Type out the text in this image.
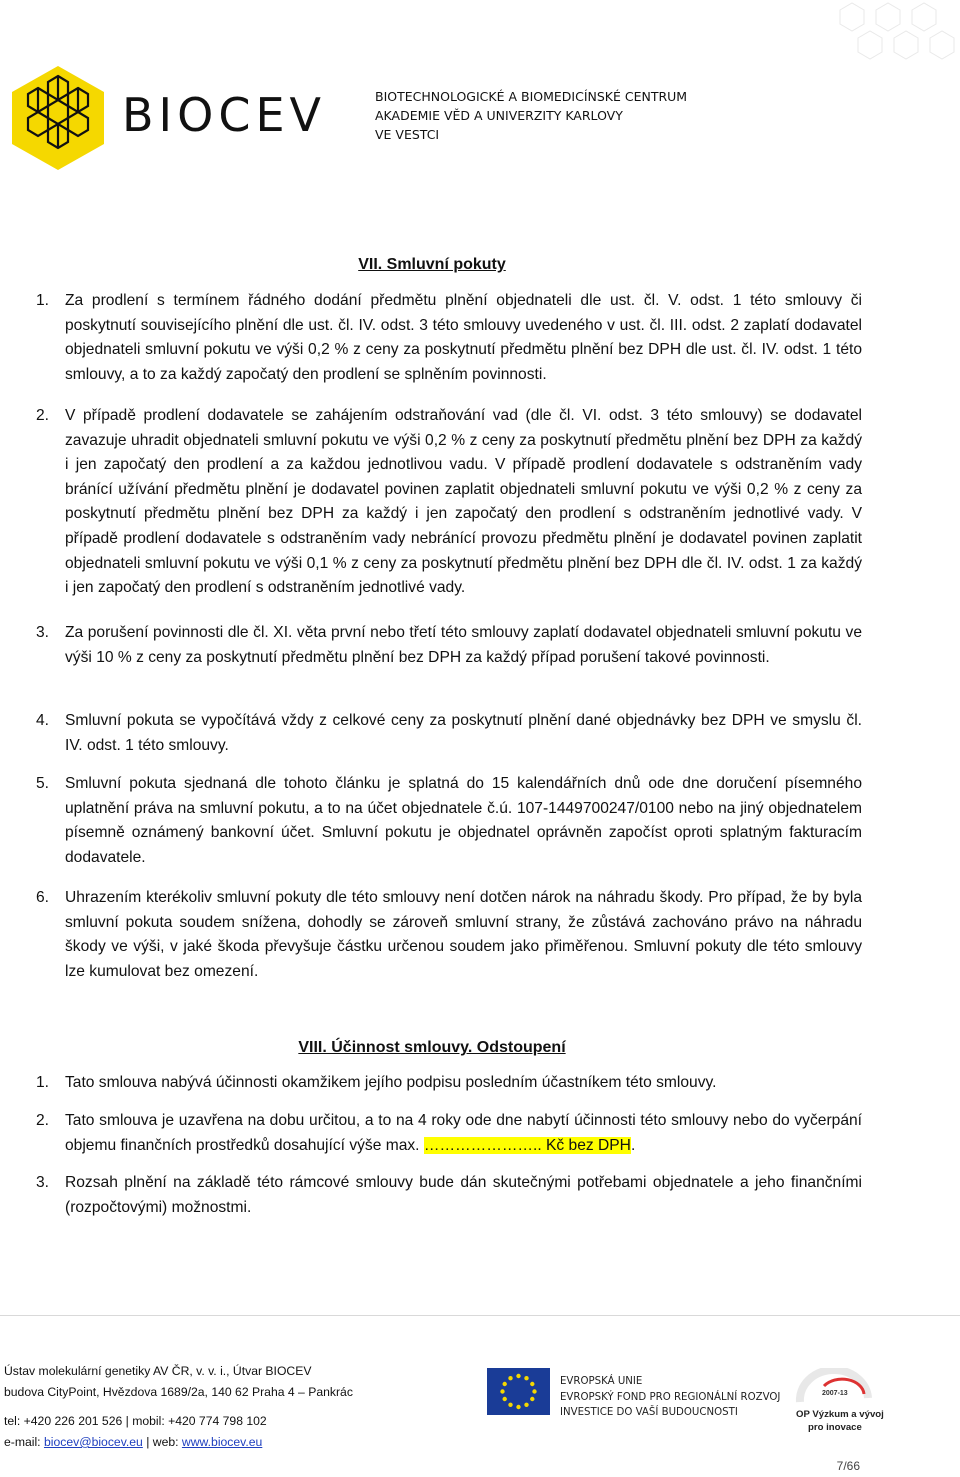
BIOCEV	BIOTECHNOLOGICKÉ A BIOMEDICÍNSKÉ CENTRUM
AKADEMIE VĚD A UNIVERZITY KARLOVY
VE VESTCI
VII. Smluvní pokuty
1. Za prodlení s termínem řádného dodání předmětu plnění objednateli dle ust. čl. V. odst. 1 této smlouvy či poskytnutí souvisejícího plnění dle ust. čl. IV. odst. 3 této smlouvy uvedeného v ust. čl. III. odst. 2 zaplatí dodavatel objednateli smluvní pokutu ve výši 0,2 % z ceny za poskytnutí předmětu plnění bez DPH dle ust. čl. IV. odst. 1 této smlouvy, a to za každý započatý den prodlení se splněním povinnosti.
2. V případě prodlení dodavatele se zahájením odstraňování vad (dle čl. VI. odst. 3 této smlouvy) se dodavatel zavazuje uhradit objednateli smluvní pokutu ve výši 0,2 % z ceny za poskytnutí předmětu plnění bez DPH za každý i jen započatý den prodlení a za každou jednotlivou vadu. V případě prodlení dodavatele s odstraněním vady bránící užívání předmětu plnění je dodavatel povinen zaplatit objednateli smluvní pokutu ve výši 0,2 % z ceny za poskytnutí předmětu plnění bez DPH za každý i jen započatý den prodlení s odstraněním jednotlivé vady. V případě prodlení dodavatele s odstraněním vady nebránící provozu předmětu plnění je dodavatel povinen zaplatit objednateli smluvní pokutu ve výši 0,1 % z ceny za poskytnutí předmětu plnění bez DPH dle čl. IV. odst. 1 za každý i jen započatý den prodlení s odstraněním jednotlivé vady.
3. Za porušení povinnosti dle čl. XI. věta první nebo třetí této smlouvy zaplatí dodavatel objednateli smluvní pokutu ve výši 10 % z ceny za poskytnutí předmětu plnění bez DPH za každý případ porušení takové povinnosti.
4. Smluvní pokuta se vypočítává vždy z celkové ceny za poskytnutí plnění dané objednávky bez DPH ve smyslu čl. IV. odst. 1 této smlouvy.
5. Smluvní pokuta sjednaná dle tohoto článku je splatná do 15 kalendářních dnů ode dne doručení písemného uplatnění práva na smluvní pokutu, a to na účet objednatele č.ú. 107-1449700247/0100 nebo na jiný objednatelem písemně oznámený bankovní účet. Smluvní pokutu je objednatel oprávněn započíst oproti splatným fakturacím dodavatele.
6. Uhrazením kterékoliv smluvní pokuty dle této smlouvy není dotčen nárok na náhradu škody. Pro případ, že by byla smluvní pokuta soudem snížena, dohodly se zároveň smluvní strany, že zůstává zachováno právo na náhradu škody ve výši, v jaké škoda převyšuje částku určenou soudem jako přiměřenou. Smluvní pokuty dle této smlouvy lze kumulovat bez omezení.
VIII. Účinnost smlouvy. Odstoupení
1. Tato smlouva nabývá účinnosti okamžikem jejího podpisu posledním účastníkem této smlouvy.
2. Tato smlouva je uzavřena na dobu určitou, a to na 4 roky ode dne nabytí účinnosti této smlouvy nebo do vyčerpání objemu finančních prostředků dosahující výše max. ………………….. Kč bez DPH.
3. Rozsah plnění na základě této rámcové smlouvy bude dán skutečnými potřebami objednatele a jeho finančními (rozpočtovými) možnostmi.
Ústav molekulární genetiky AV ČR, v. v. i., Útvar BIOCEV
budova CityPoint, Hvězdova 1689/2a, 140 62 Praha 4 – Pankrác
tel: +420 226 201 526 | mobil: +420 774 798 102
e-mail: biocev@biocev.eu | web: www.biocev.eu
EVROPSKÁ UNIE
EVROPSKÝ FOND PRO REGIONÁLNÍ ROZVOJ
INVESTICE DO VAŠÍ BUDOUCNOSTI
2007-13
OP Výzkum a vývoj
pro inovace
7/66
